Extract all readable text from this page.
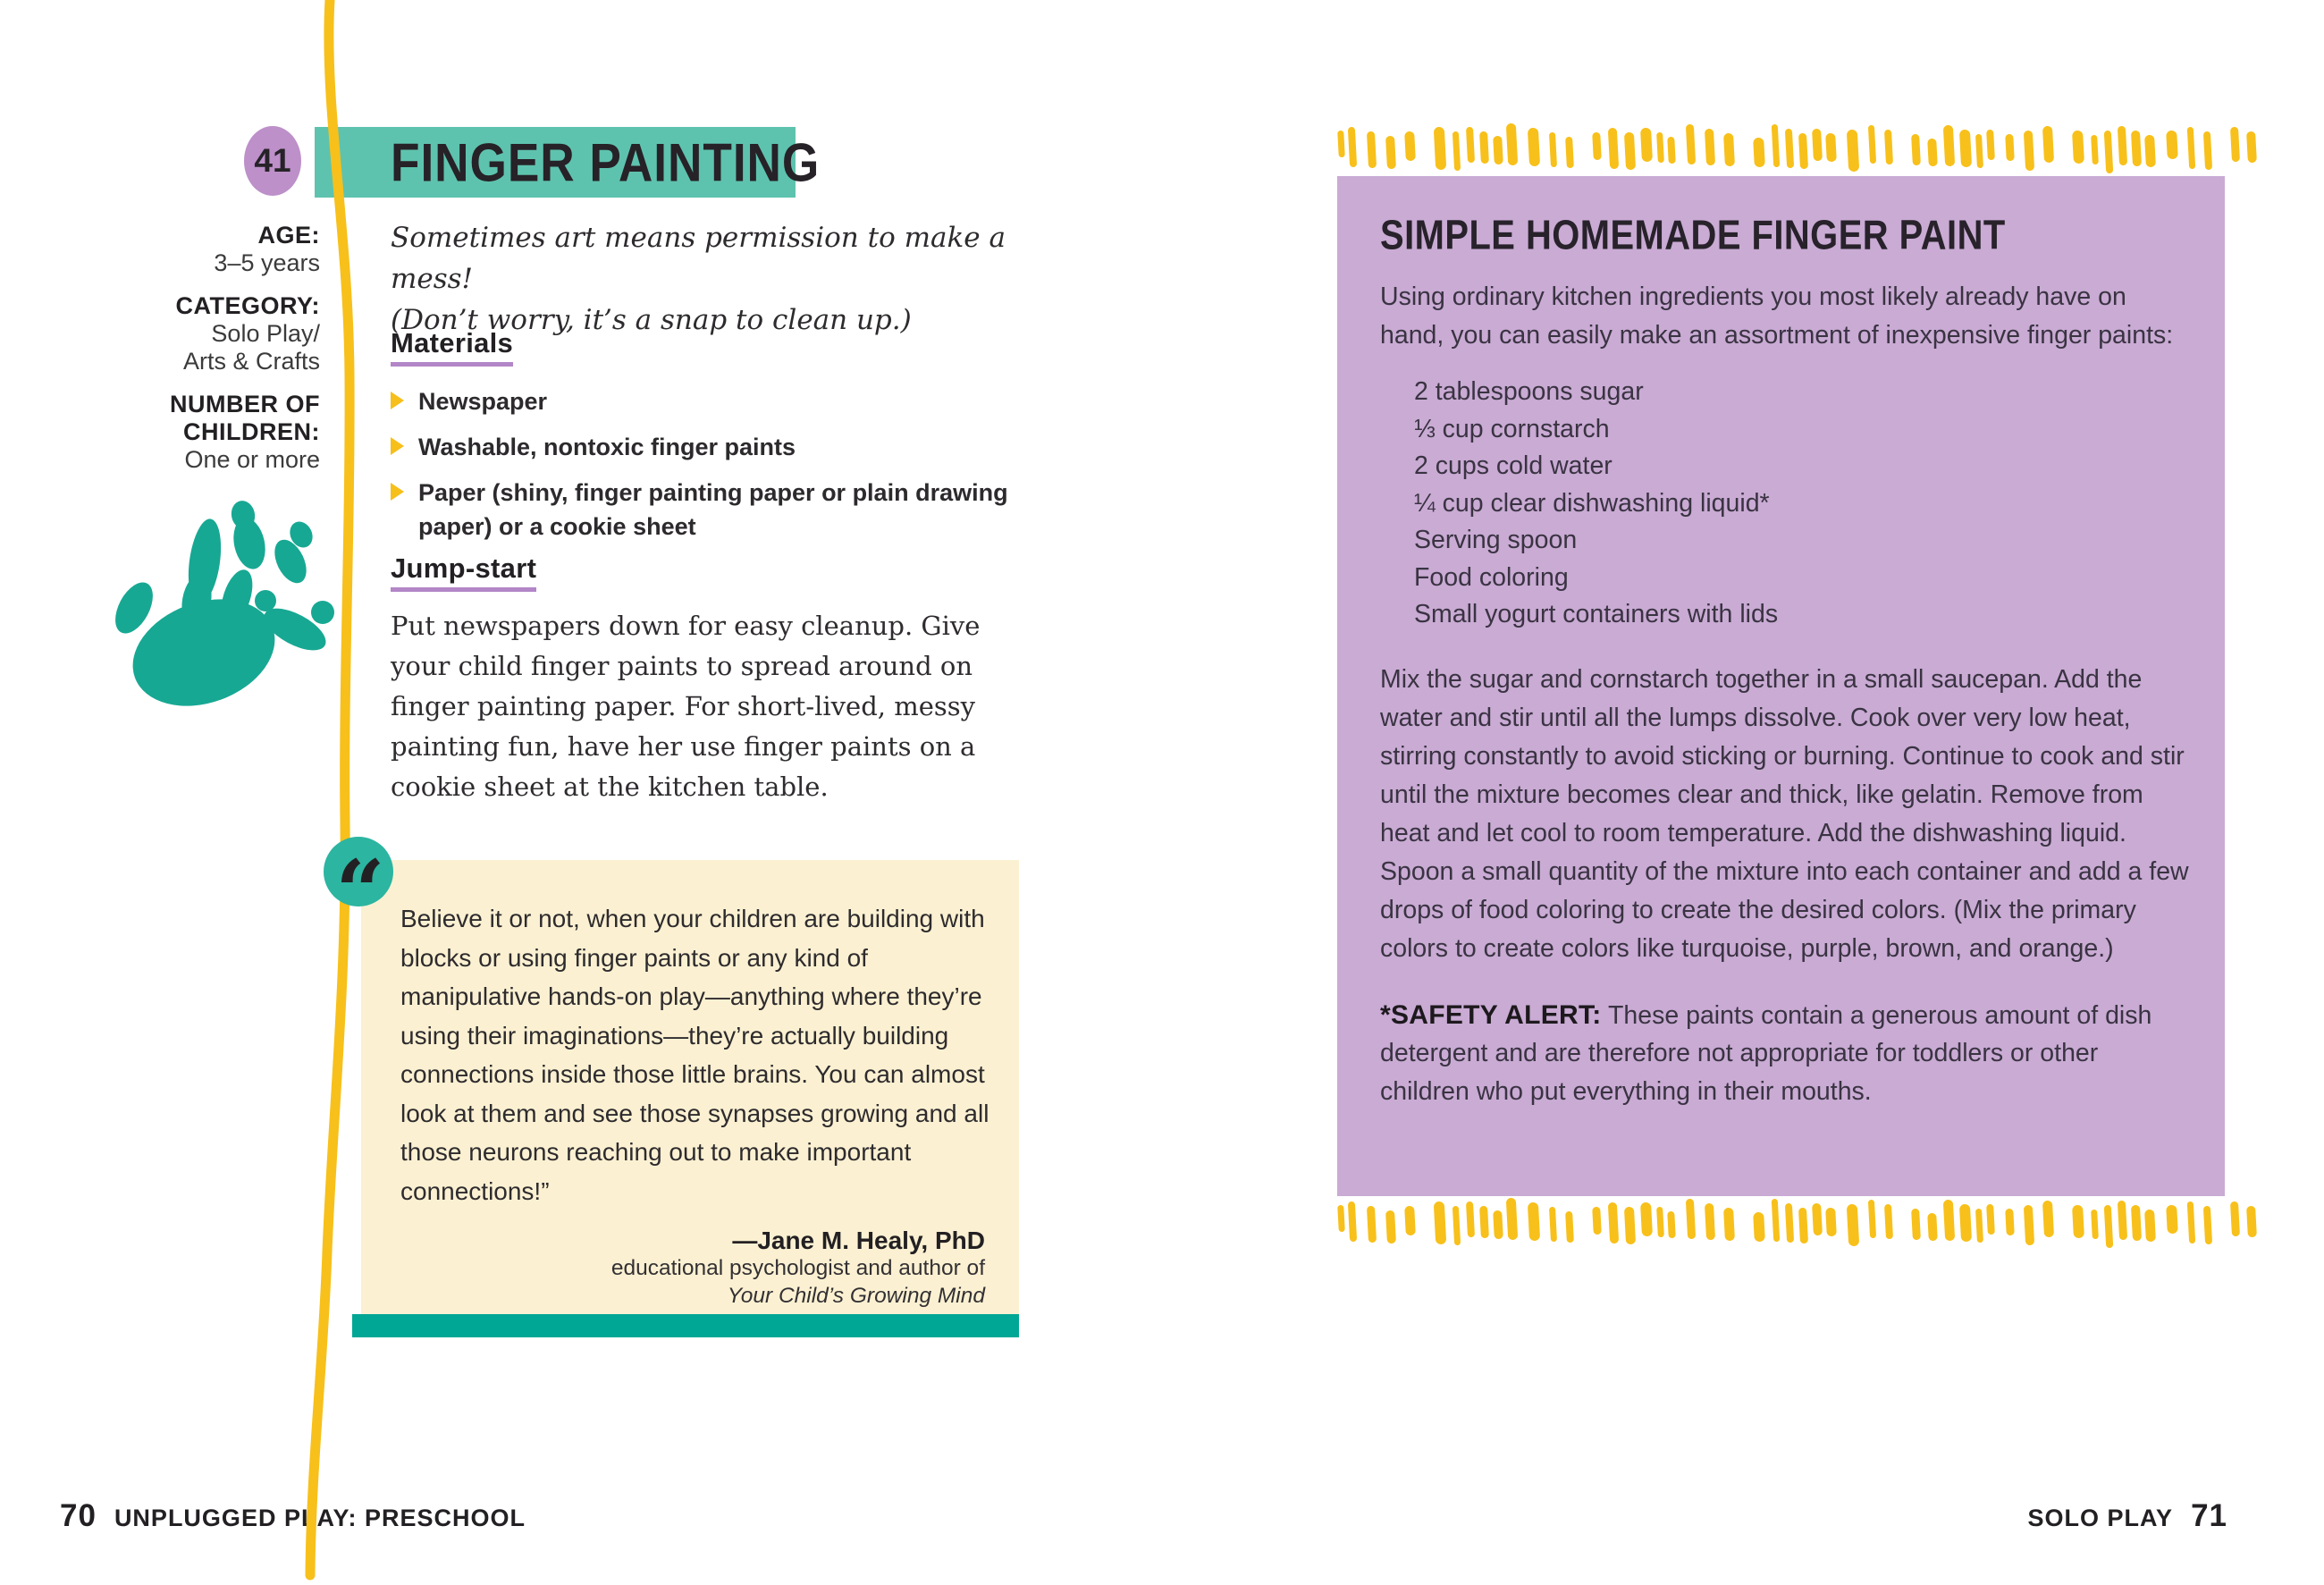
41 FINGER PAINTING
AGE:
3–5 years
CATEGORY:
Solo Play/
Arts & Crafts
NUMBER OF
CHILDREN:
One or more
Sometimes art means permission to make a mess!
(Don’t worry, it’s a snap to clean up.)
Materials
Newspaper
Washable, nontoxic finger paints
Paper (shiny, finger painting paper or plain drawing paper) or a cookie sheet
Jump-start
Put newspapers down for easy cleanup. Give your child finger paints to spread around on finger painting paper. For short-lived, messy painting fun, have her use finger paints on a cookie sheet at the kitchen table.
Believe it or not, when your children are building with blocks or using finger paints or any kind of manipulative hands-on play—anything where they’re using their imaginations—they’re actually building connections inside those little brains. You can almost look at them and see those synapses growing and all those neurons reaching out to make important connections!”
—Jane M. Healy, PhD
educational psychologist and author of
Your Child’s Growing Mind
“
SIMPLE HOMEMADE FINGER PAINT
Using ordinary kitchen ingredients you most likely already have on hand, you can easily make an assortment of inexpensive finger paints:
2 tablespoons sugar
⅓ cup cornstarch
2 cups cold water
¼ cup clear dishwashing liquid*
Serving spoon
Food coloring
Small yogurt containers with lids
Mix the sugar and cornstarch together in a small saucepan. Add the water and stir until all the lumps dissolve. Cook over very low heat, stirring constantly to avoid sticking or burning. Continue to cook and stir until the mixture becomes clear and thick, like gelatin. Remove from heat and let cool to room temperature. Add the dishwashing liquid. Spoon a small quantity of the mixture into each container and add a few drops of food coloring to create the desired colors. (Mix the primary colors to create colors like turquoise, purple, brown, and orange.)
*SAFETY ALERT: These paints contain a generous amount of dish detergent and are therefore not appropriate for toddlers or other children who put everything in their mouths.
70 UNPLUGGED PLAY: PRESCHOOL	SOLO PLAY 71
